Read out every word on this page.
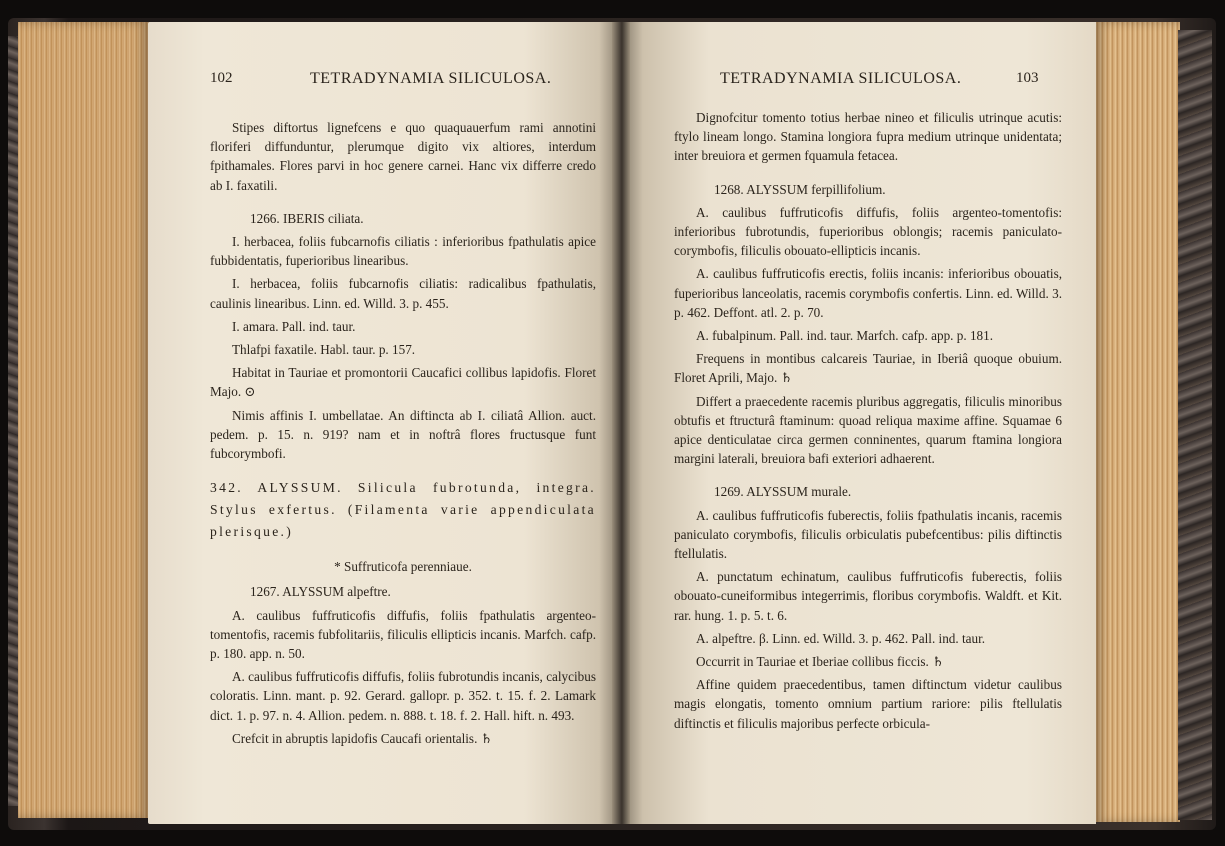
102	TETRADYNAMIA SILICULOSA.

Stipes diftortus lignefcens e quo quaquauerfum rami annotini floriferi diffunduntur, plerumque digito vix altiores, interdum fpithamales. Flores parvi in hoc genere carnei. Hanc vix differre credo ab I. faxatili.

1266. IBERIS ciliata.

I. herbacea, foliis fubcarnofis ciliatis : inferioribus fpathulatis apice fubbidentatis, fuperioribus linearibus.

I. herbacea, foliis fubcarnofis ciliatis: radicalibus fpathulatis, caulinis linearibus. Linn. ed. Willd. 3. p. 455.

I. amara. Pall. ind. taur.

Thlafpi faxatile. Habl. taur. p. 157.

Habitat in Tauriae et promontorii Caucafici collibus lapidofis. Floret Majo. ⊙

Nimis affinis I. umbellatae. An diftincta ab I. ciliatâ Allion. auct. pedem. p. 15. n. 919? nam et in noftrâ flores fructusque funt fubcorymbofi.

342. ALYSSUM. Silicula fubrotunda, integra. Stylus exfertus. (Filamenta varie appendiculata plerisque.)

* Suffruticofa perenniaue.

1267. ALYSSUM alpeftre.

A. caulibus fuffruticofis diffufis, foliis fpathulatis argenteo-tomentofis, racemis fubfolitariis, filiculis ellipticis incanis. Marfch. cafp. p. 180. app. n. 50.

A. caulibus fuffruticofis diffufis, foliis fubrotundis incanis, calycibus coloratis. Linn. mant. p. 92. Gerard. gallopr. p. 352. t. 15. f. 2. Lamark dict. 1. p. 97. n. 4. Allion. pedem. n. 888. t. 18. f. 2. Hall. hift. n. 493.

Crefcit in abruptis lapidofis Caucafi orientalis. ♄

TETRADYNAMIA SILICULOSA.	103

Dignofcitur tomento totius herbae nineo et filiculis utrinque acutis: ftylo lineam longo. Stamina longiora fupra medium utrinque unidentata; inter breuiora et germen fquamula fetacea.

1268. ALYSSUM ferpillifolium.

A. caulibus fuffruticofis diffufis, foliis argenteo-tomentofis: inferioribus fubrotundis, fuperioribus oblongis; racemis paniculato-corymbofis, filiculis obouato-ellipticis incanis.

A. caulibus fuffruticofis erectis, foliis incanis: inferioribus obouatis, fuperioribus lanceolatis, racemis corymbofis confertis. Linn. ed. Willd. 3. p. 462. Deffont. atl. 2. p. 70.

A. fubalpinum. Pall. ind. taur. Marfch. cafp. app. p. 181.

Frequens in montibus calcareis Tauriae, in Iberiâ quoque obuium. Floret Aprili, Majo. ♄

Differt a praecedente racemis pluribus aggregatis, filiculis minoribus obtufis et ftructurâ ftaminum: quoad reliqua maxime affine. Squamae 6 apice denticulatae circa germen conninentes, quarum ftamina longiora margini laterali, breuiora bafi exteriori adhaerent.

1269. ALYSSUM murale.

A. caulibus fuffruticofis fuberectis, foliis fpathulatis incanis, racemis paniculato corymbofis, filiculis orbiculatis pubefcentibus: pilis diftinctis ftellulatis.

A. punctatum echinatum, caulibus fuffruticofis fuberectis, foliis obouato-cuneiformibus integerrimis, floribus corymbofis. Waldft. et Kit. rar. hung. 1. p. 5. t. 6.

A. alpeftre. β. Linn. ed. Willd. 3. p. 462. Pall. ind. taur.

Occurrit in Tauriae et Iberiae collibus ficcis. ♄

Affine quidem praecedentibus, tamen diftinctum videtur caulibus magis elongatis, tomento omnium partium rariore: pilis ftellulatis diftinctis et filiculis majoribus perfecte orbicula-
